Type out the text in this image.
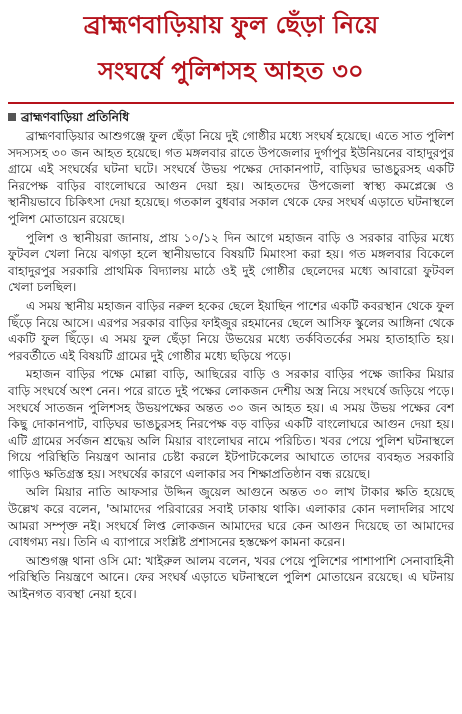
ব্রাহ্মণবাড়িয়ায় ফুল ছেঁড়া নিয়ে
সংঘর্ষে পুলিশসহ আহত ৩০
ব্রাহ্মণবাড়িয়া প্রতিনিধি

ব্রাহ্মণবাড়িয়ার আশুগঞ্জে ফুল ছেঁড়া নিয়ে দুই গোষ্ঠীর মধ্যে সংঘর্ষ হয়েছে। এতে সাত পুলিশ সদস্যসহ ৩০ জন আহত হয়েছে। গত মঙ্গলবার রাতে উপজেলার দুর্গাপুর ইউনিয়নের বাহাদুরপুর গ্রামে এই সংঘর্ষের ঘটনা ঘটে। সংঘর্ষে উভয় পক্ষের দোকানপাট, বাড়িঘর ভাঙচুরসহ একটি নিরপেক্ষ বাড়ির বাংলোঘরে আগুন দেয়া হয়। আহতদের উপজেলা স্বাস্থ্য কমপ্লেক্সে ও স্থানীয়ভাবে চিকিৎসা দেয়া হয়েছে। গতকাল বুধবার সকাল থেকে ফের সংঘর্ষ এড়াতে ঘটনাস্থলে পুলিশ মোতায়েন রয়েছে।

পুলিশ ও স্থানীয়রা জানায়, প্রায় ১০/১২ দিন আগে মহাজন বাড়ি ও সরকার বাড়ির মধ্যে ফুটবল খেলা নিয়ে ঝগড়া হলে স্থানীয়ভাবে বিষয়টি মিমাংসা করা হয়। গত মঙ্গলবার বিকেলে বাহাদুরপুর সরকারি প্রাথমিক বিদ্যালয় মাঠে ওই দুই গোষ্ঠীর ছেলেদের মধ্যে আবারো ফুটবল খেলা চলছিল।

এ সময় স্থানীয় মহাজন বাড়ির নরুল হকের ছেলে ইয়াছিন পাশের একটি কবরস্থান থেকে ফুল ছিঁড়ে নিয়ে আসে। এরপর সরকার বাড়ির ফাইজুর রহমানের ছেলে আসিফ স্কুলের আঙ্গিনা থেকে একটি ফুল ছিঁড়ে। এ সময় ফুল ছেঁড়া নিয়ে উভয়ের মধ্যে তর্কবিতর্কের সময় হাতাহাতি হয়। পরবর্তীতে এই বিষয়টি গ্রামের দুই গোষ্ঠীর মধ্যে ছড়িয়ে পড়ে।

মহাজন বাড়ির পক্ষে মোল্লা বাড়ি, আছিরের বাড়ি ও সরকার বাড়ির পক্ষে জাকির মিয়ার বাড়ি সংঘর্ষে অংশ নেন। পরে রাতে দুই পক্ষের লোকজন দেশীয় অস্ত্র নিয়ে সংঘর্ষে জড়িয়ে পড়ে। সংঘর্ষে সাতজন পুলিশসহ উভয়পক্ষের অন্তত ৩০ জন আহত হয়। এ সময় উভয় পক্ষের বেশ কিছু দোকানপাট, বাড়িঘর ভাঙচুরসহ নিরপেক্ষ বড় বাড়ির একটি বাংলোঘরে আগুন দেয়া হয়। এটি গ্রামের সর্বজন শ্রদ্ধেয় অলি মিয়ার বাংলোঘর নামে পরিচিত। খবর পেয়ে পুলিশ ঘটনাস্থলে গিয়ে পরিস্থিতি নিয়ন্ত্রণ আনার চেষ্টা করলে ইটপাটকেলের আঘাতে তাদের ব্যবহৃত সরকারি গাড়িও ক্ষতিগ্রস্ত হয়। সংঘর্ষের কারণে এলাকার সব শিক্ষাপ্রতিষ্ঠান বন্ধ রয়েছে।

অলি মিয়ার নাতি আফসার উদ্দিন জুয়েল আগুনে অন্তত ৩০ লাখ টাকার ক্ষতি হয়েছে উল্লেখ করে বলেন, 'আমাদের পরিবারের সবাই ঢাকায় থাকি। এলাকার কোন দলাদলির সাথে আমরা সম্পৃক্ত নই। সংঘর্ষে লিপ্ত লোকজন আমাদের ঘরে কেন আগুন দিয়েছে তা আমাদের বোধগম্য নয়। তিনি এ ব্যাপারে সংশ্লিষ্ট প্রশাসনের হস্তক্ষেপ কামনা করেন।

আশুগঞ্জ থানা ওসি মো: খাইরুল আলম বলেন, খবর পেয়ে পুলিশের পাশাপাশি সেনাবাহিনী পরিস্থিতি নিয়ন্ত্রণে আনে। ফের সংঘর্ষ এড়াতে ঘটনাস্থলে পুলিশ মোতায়েন রয়েছে। এ ঘটনায় আইনগত ব্যবস্থা নেয়া হবে।
